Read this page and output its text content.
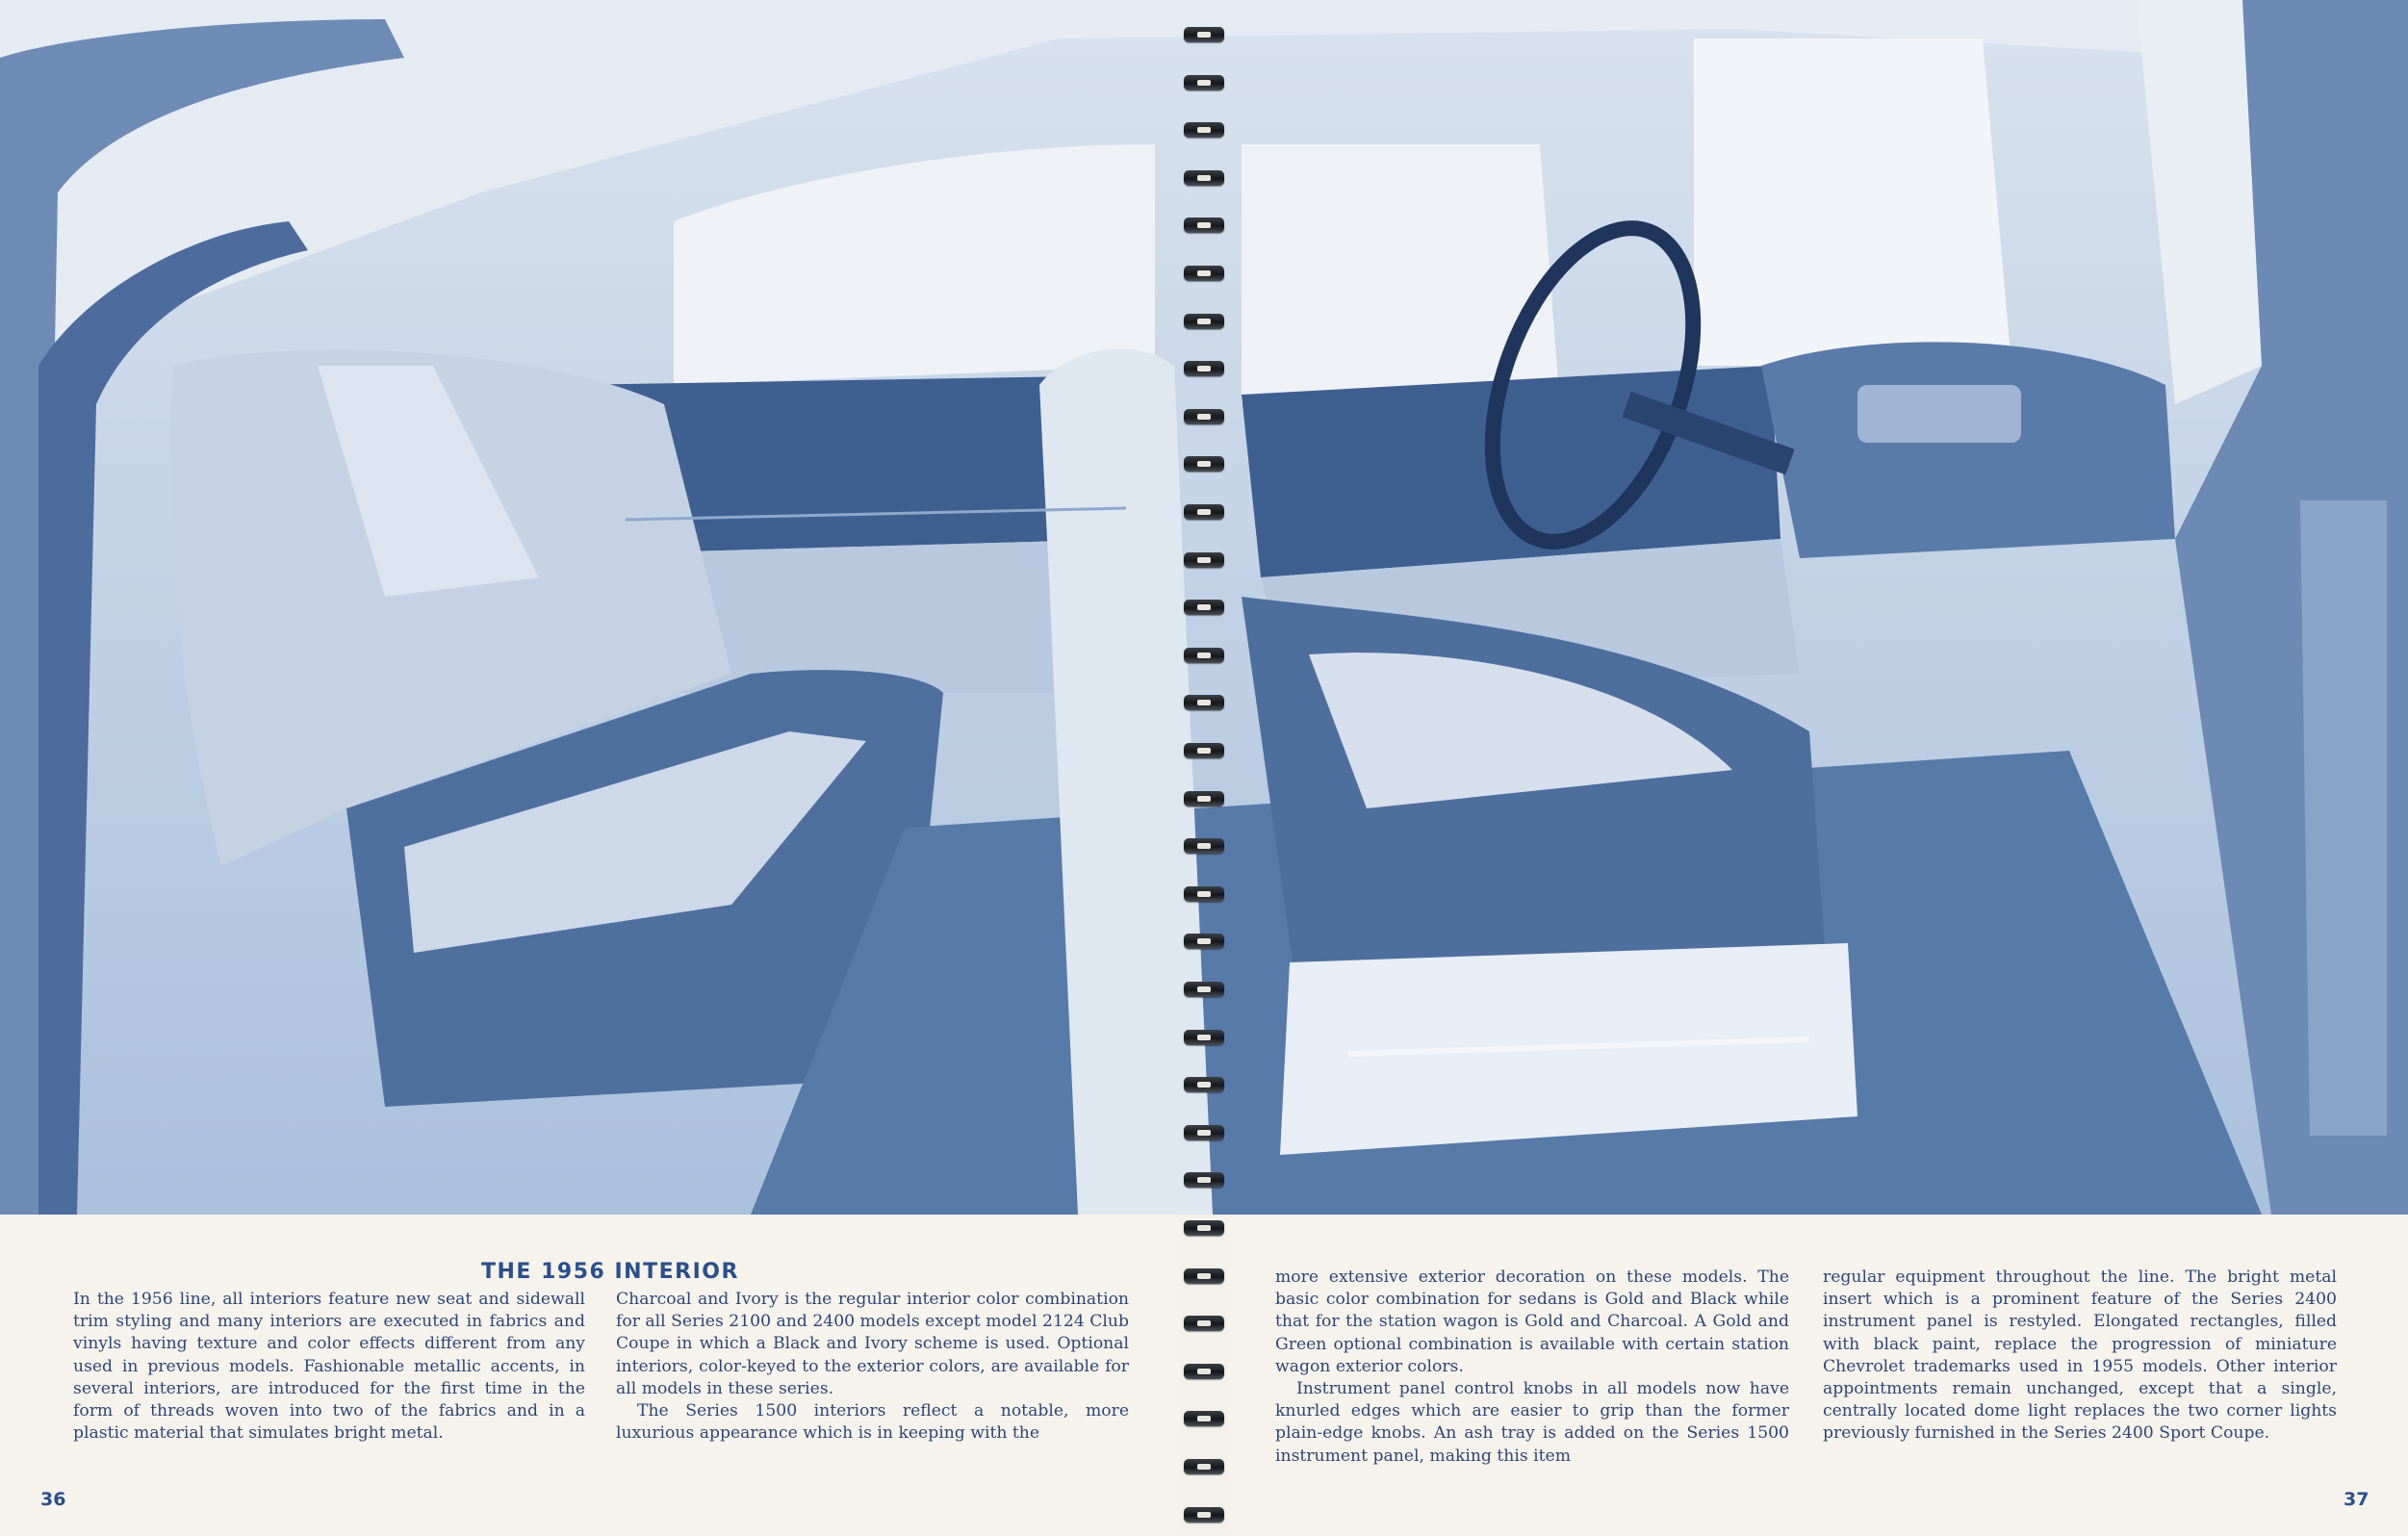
THE 1956 INTERIOR

In the 1956 line, all interiors feature new seat and sidewall trim styling and many interiors are executed in fabrics and vinyls having texture and color effects different from any used in previous models. Fashionable metallic accents, in several interiors, are introduced for the first time in the form of threads woven into two of the fabrics and in a plastic material that simulates bright metal.

Charcoal and Ivory is the regular interior color combination for all Series 2100 and 2400 models except model 2124 Club Coupe in which a Black and Ivory scheme is used. Optional interiors, color-keyed to the exterior colors, are available for all models in these series.

The Series 1500 interiors reflect a notable, more luxurious appearance which is in keeping with the

more extensive exterior decoration on these models. The basic color combination for sedans is Gold and Black while that for the station wagon is Gold and Charcoal. A Gold and Green optional combination is available with certain station wagon exterior colors.

Instrument panel control knobs in all models now have knurled edges which are easier to grip than the former plain-edge knobs. An ash tray is added on the Series 1500 instrument panel, making this item

regular equipment throughout the line. The bright metal insert which is a prominent feature of the Series 2400 instrument panel is restyled. Elongated rectangles, filled with black paint, replace the progression of miniature Chevrolet trademarks used in 1955 models. Other interior appointments remain unchanged, except that a single, centrally located dome light replaces the two corner lights previously furnished in the Series 2400 Sport Coupe.

36	37
